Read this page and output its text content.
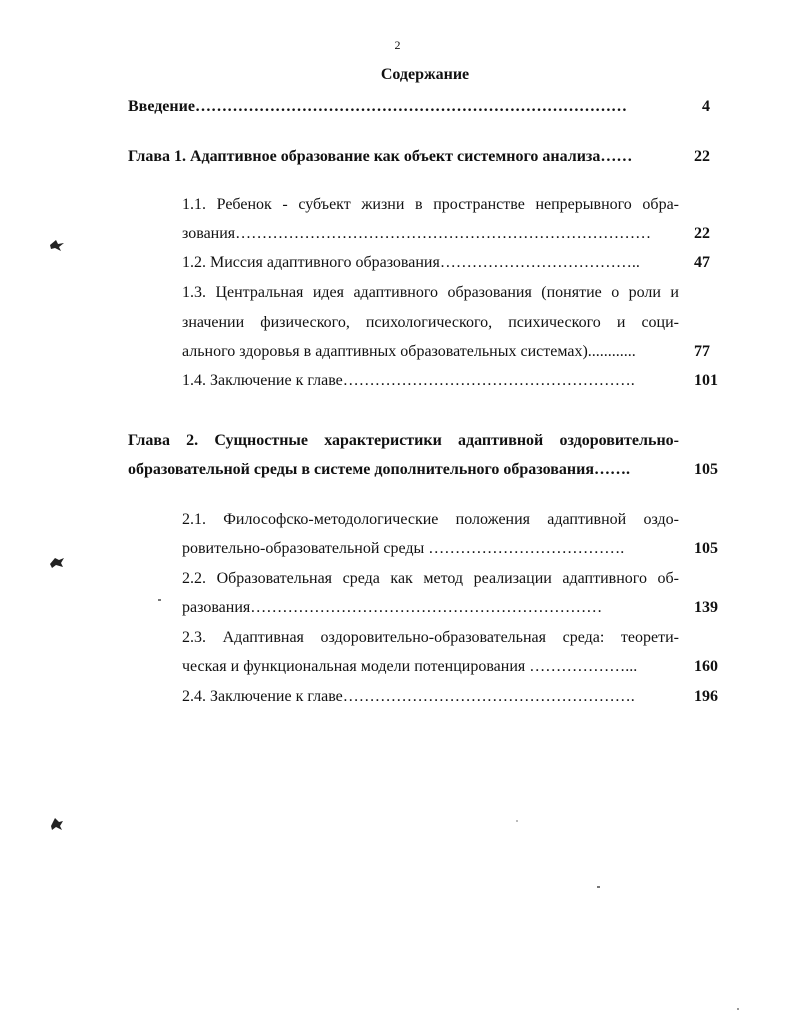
2
Содержание
Введение………………………………………………………………………	4
Глава 1. Адаптивное образование как объект системного анализа……	22
1.1. Ребенок - субъект жизни в пространстве непрерывного обра-
зования……………………………………………………………………	22
1.2. Миссия адаптивного образования………………………………..	47
1.3. Центральная идея адаптивного образования (понятие о роли и
значении физического, психологического, психического и соци-
ального здоровья в адаптивных образовательных системах)............	77
1.4. Заключение к главе……………………………………………….	101
Глава 2. Сущностные характеристики адаптивной оздоровительно-
образовательной среды в системе дополнительного образования…….	105
2.1. Философско-методологические положения адаптивной оздо-
ровительно-образовательной среды ……………………………….	105
2.2. Образовательная среда как метод реализации адаптивного об-
разования…………………………………………………………	139
2.3. Адаптивная оздоровительно-образовательная среда: теорети-
ческая и функциональная модели потенцирования ………………...	160
2.4. Заключение к главе……………………………………………….	196
